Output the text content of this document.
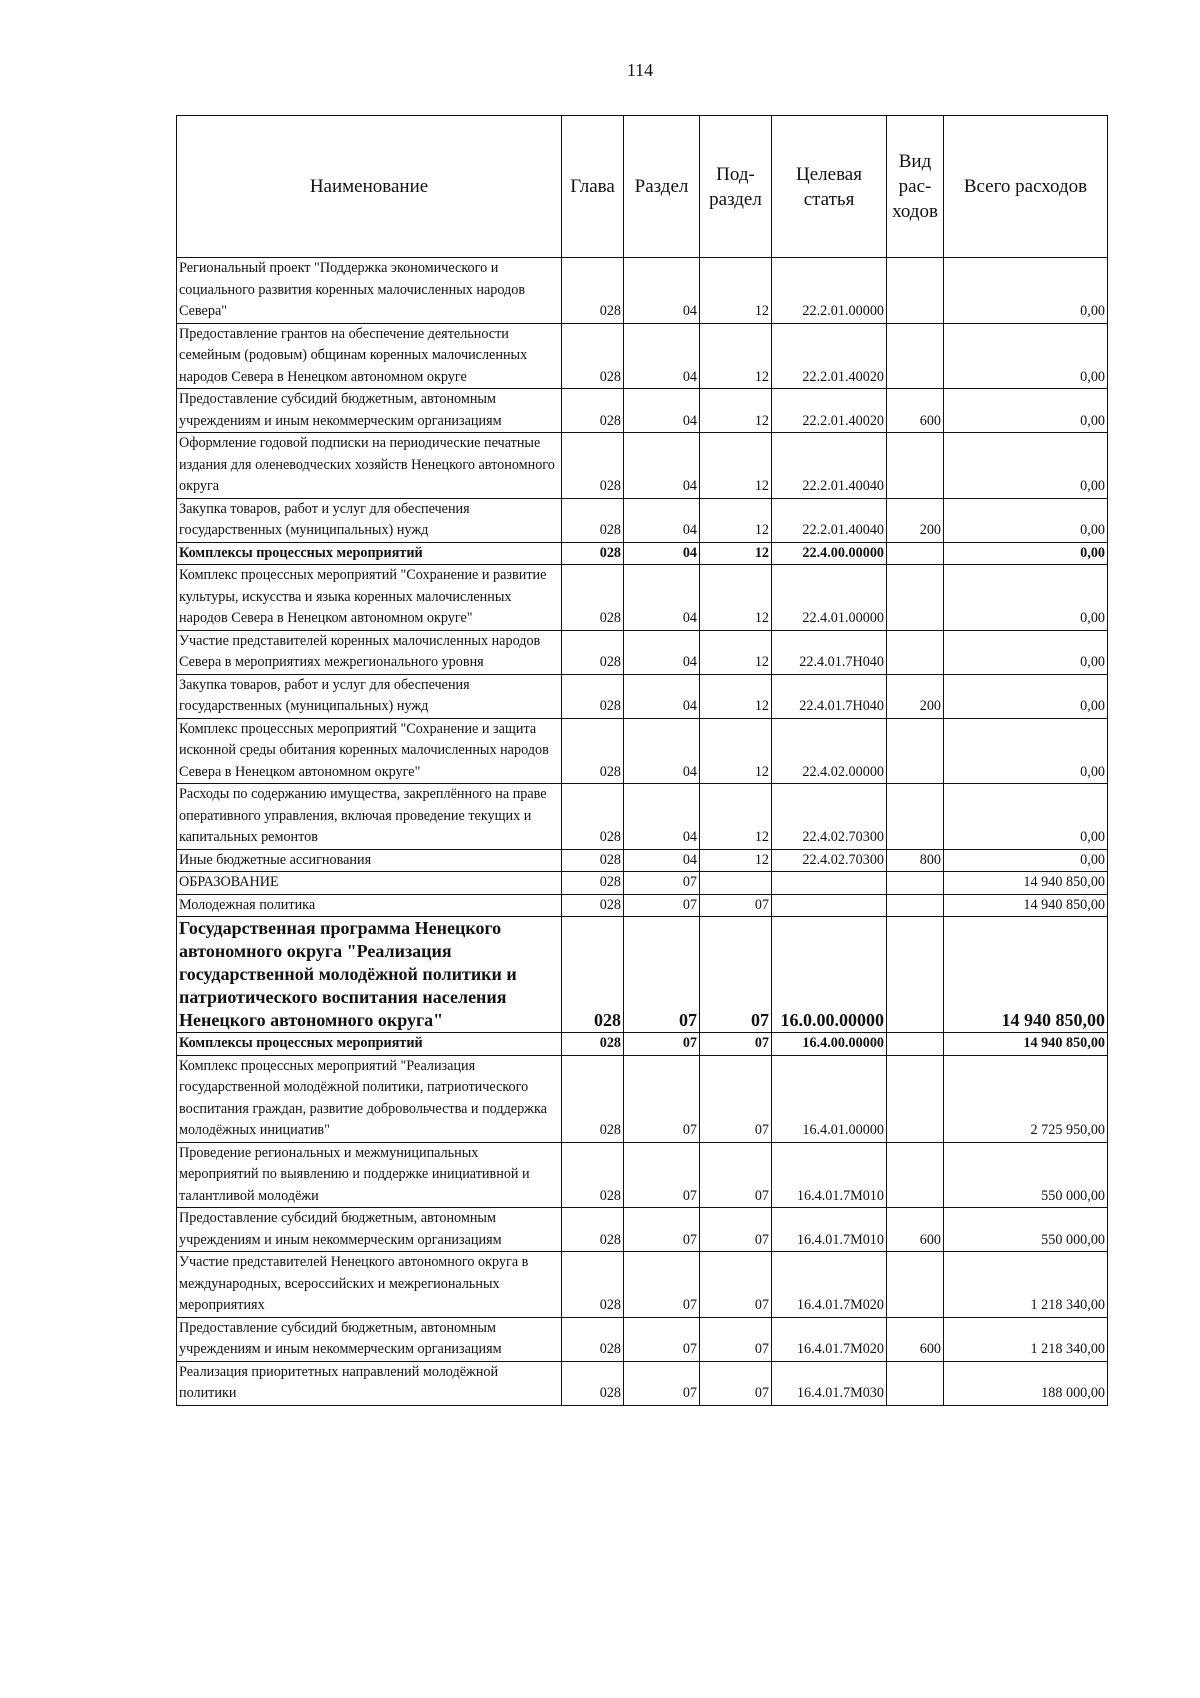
114
Наименование	Глава	Раздел	Под- раздел	Целевая статья	Вид рас- ходов	Всего расходов
Региональный проект "Поддержка экономического и социального развития коренных малочисленных народов Севера"	028	04	12	22.2.01.00000		0,00
Предоставление грантов на обеспечение деятельности семейным (родовым) общинам коренных малочисленных народов Севера в Ненецком автономном округе	028	04	12	22.2.01.40020		0,00
Предоставление субсидий бюджетным, автономным учреждениям и иным некоммерческим организациям	028	04	12	22.2.01.40020	600	0,00
Оформление годовой подписки на периодические печатные издания для оленеводческих хозяйств Ненецкого автономного округа	028	04	12	22.2.01.40040		0,00
Закупка товаров, работ и услуг для обеспечения государственных (муниципальных) нужд	028	04	12	22.2.01.40040	200	0,00
Комплексы процессных мероприятий	028	04	12	22.4.00.00000		0,00
Комплекс процессных мероприятий "Сохранение и развитие культуры, искусства и языка коренных малочисленных народов Севера в Ненецком автономном округе"	028	04	12	22.4.01.00000		0,00
Участие представителей коренных малочисленных народов Севера в мероприятиях межрегионального уровня	028	04	12	22.4.01.7Н040		0,00
Закупка товаров, работ и услуг для обеспечения государственных (муниципальных) нужд	028	04	12	22.4.01.7Н040	200	0,00
Комплекс процессных мероприятий "Сохранение и защита исконной среды обитания коренных малочисленных народов Севера в Ненецком автономном округе"	028	04	12	22.4.02.00000		0,00
Расходы по содержанию имущества, закреплённого на праве оперативного управления, включая проведение текущих и капитальных ремонтов	028	04	12	22.4.02.70300		0,00
Иные бюджетные ассигнования	028	04	12	22.4.02.70300	800	0,00
ОБРАЗОВАНИЕ	028	07				14 940 850,00
Молодежная политика	028	07	07			14 940 850,00
Государственная программа Ненецкого автономного округа "Реализация государственной молодёжной политики и патриотического воспитания населения Ненецкого автономного округа"	028	07	07	16.0.00.00000		14 940 850,00
Комплексы процессных мероприятий	028	07	07	16.4.00.00000		14 940 850,00
Комплекс процессных мероприятий "Реализация государственной молодёжной политики, патриотического воспитания граждан, развитие добровольчества и поддержка молодёжных инициатив"	028	07	07	16.4.01.00000		2 725 950,00
Проведение региональных и межмуниципальных мероприятий по выявлению и поддержке инициативной и талантливой молодёжи	028	07	07	16.4.01.7М010		550 000,00
Предоставление субсидий бюджетным, автономным учреждениям и иным некоммерческим организациям	028	07	07	16.4.01.7М010	600	550 000,00
Участие представителей Ненецкого автономного округа в международных, всероссийских и межрегиональных мероприятиях	028	07	07	16.4.01.7М020		1 218 340,00
Предоставление субсидий бюджетным, автономным учреждениям и иным некоммерческим организациям	028	07	07	16.4.01.7М020	600	1 218 340,00
Реализация приоритетных направлений молодёжной политики	028	07	07	16.4.01.7М030		188 000,00
